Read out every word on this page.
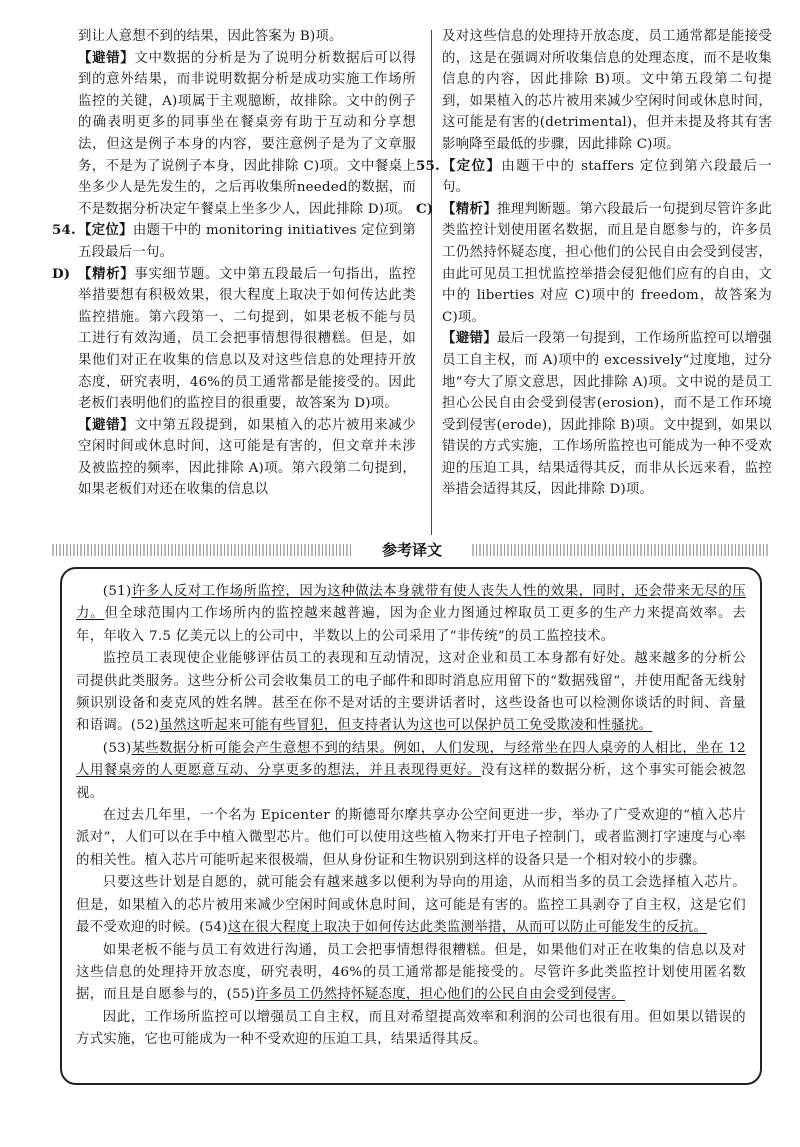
到让人意想不到的结果，因此答案为 B)项。

【避错】文中数据的分析是为了说明分析数据后可以得到的意外结果，而非说明数据分析是成功实施工作场所监控的关键，A)项属于主观臆断，故排除。文中的例子的确表明更多的同事坐在餐桌旁有助于互动和分享想法，但这是例子本身的内容，要注意例子是为了文章服务，不是为了说例子本身，因此排除 C)项。文中餐桌上坐多少人是先发生的，之后再收集所needed的数据，而不是数据分析决定午餐桌上坐多少人，因此排除 D)项。

54. 【定位】由题干中的 monitoring initiatives 定位到第五段最后一句。

D) 【精析】事实细节题。文中第五段最后一句指出，监控举措要想有积极效果，很大程度上取决于如何传达此类监控措施。第六段第一、二句提到，如果老板不能与员工进行有效沟通，员工会把事情想得很糟糕。但是，如果他们对正在收集的信息以及对这些信息的处理持开放态度，研究表明，46%的员工通常都是能接受的。因此老板们表明他们的监控目的很重要，故答案为 D)项。

【避错】文中第五段提到，如果植入的芯片被用来减少空闲时间或休息时间，这可能是有害的，但文章并未涉及被监控的频率，因此排除 A)项。第六段第二句提到，如果老板们对还在收集的信息以

及对这些信息的处理持开放态度，员工通常都是能接受的，这是在强调对所收集信息的处理态度，而不是收集信息的内容，因此排除 B)项。文中第五段第二句提到，如果植入的芯片被用来减少空闲时间或休息时间，这可能是有害的(detrimental)，但并未提及将其有害影响降至最低的步骤，因此排除 C)项。

55. 【定位】由题干中的 staffers 定位到第六段最后一句。

C) 【精析】推理判断题。第六段最后一句提到尽管许多此类监控计划使用匿名数据，而且是自愿参与的，许多员工仍然持怀疑态度，担心他们的公民自由会受到侵害，由此可见员工担忧监控举措会侵犯他们应有的自由，文中的 liberties 对应 C)项中的 freedom，故答案为 C)项。

【避错】最后一段第一句提到，工作场所监控可以增强员工自主权，而 A)项中的 excessively“过度地，过分地”夸大了原文意思，因此排除 A)项。文中说的是员工担心公民自由会受到侵害(erosion)，而不是工作环境受到侵害(erode)，因此排除 B)项。文中提到，如果以错误的方式实施，工作场所监控也可能成为一种不受欢迎的压迫工具，结果适得其反，而非从长远来看，监控举措会适得其反，因此排除 D)项。

参考译文

(51)许多人反对工作场所监控，因为这种做法本身就带有使人丧失人性的效果，同时，还会带来无尽的压力。但全球范围内工作场所内的监控越来越普遍，因为企业力图通过榨取员工更多的生产力来提高效率。去年，年收入 7.5 亿美元以上的公司中，半数以上的公司采用了“非传统”的员工监控技术。

监控员工表现使企业能够评估员工的表现和互动情况，这对企业和员工本身都有好处。越来越多的分析公司提供此类服务。这些分析公司会收集员工的电子邮件和即时消息应用留下的“数据残留”，并使用配备无线射频识别设备和麦克风的姓名牌。甚至在你不是对话的主要讲话者时，这些设备也可以检测你谈话的时间、音量和语调。(52)虽然这听起来可能有些冒犯，但支持者认为这也可以保护员工免受欺凌和性骚扰。

(53)某些数据分析可能会产生意想不到的结果。例如，人们发现，与经常坐在四人桌旁的人相比，坐在 12 人用餐桌旁的人更愿意互动、分享更多的想法，并且表现得更好。没有这样的数据分析，这个事实可能会被忽视。

在过去几年里，一个名为 Epicenter 的斯德哥尔摩共享办公空间更进一步，举办了广受欢迎的“植入芯片派对”，人们可以在手中植入微型芯片。他们可以使用这些植入物来打开电子控制门，或者监测打字速度与心率的相关性。植入芯片可能听起来很极端，但从身份证和生物识别到这样的设备只是一个相对较小的步骤。

只要这些计划是自愿的，就可能会有越来越多以便利为导向的用途，从而相当多的员工会选择植入芯片。但是，如果植入的芯片被用来减少空闲时间或休息时间，这可能是有害的。监控工具剥夺了自主权，这是它们最不受欢迎的时候。(54)这在很大程度上取决于如何传达此类监测举措，从而可以防止可能发生的反抗。

如果老板不能与员工有效进行沟通，员工会把事情想得很糟糕。但是，如果他们对正在收集的信息以及对这些信息的处理持开放态度，研究表明，46%的员工通常都是能接受的。尽管许多此类监控计划使用匿名数据，而且是自愿参与的，(55)许多员工仍然持怀疑态度，担心他们的公民自由会受到侵害。

因此，工作场所监控可以增强员工自主权，而且对希望提高效率和利润的公司也很有用。但如果以错误的方式实施，它也可能成为一种不受欢迎的压迫工具，结果适得其反。
